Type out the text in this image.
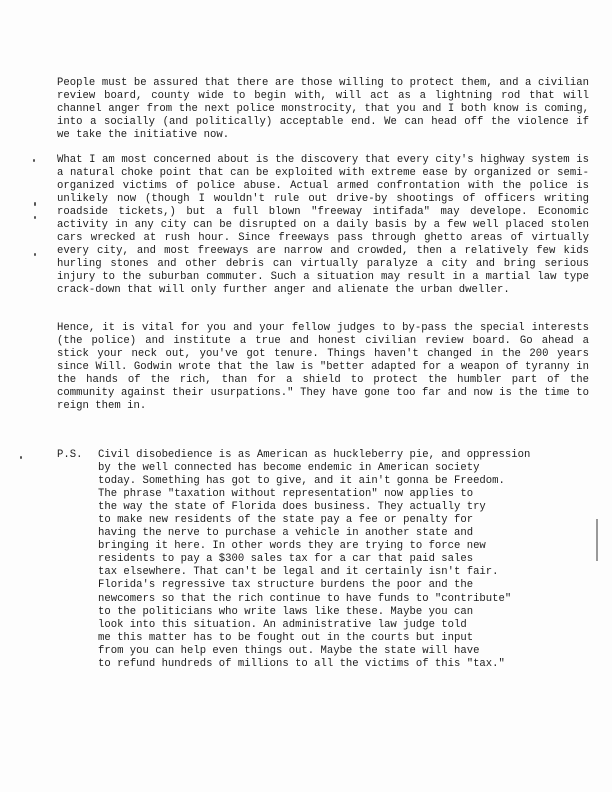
People must be assured that there are those willing to protect them, and a civilian review board, county wide to begin with, will act as a lightning rod that will channel anger from the next police monstrocity, that you and I both know is coming, into a socially (and politically) acceptable end. We can head off the violence if we take the initiative now.
What I am most concerned about is the discovery that every city's highway system is a natural choke point that can be exploited with extreme ease by organized or semi-organized victims of police abuse. Actual armed confrontation with the police is unlikely now (though I wouldn't rule out drive-by shootings of officers writing roadside tickets,) but a full blown "freeway intifada" may develope. Economic activity in any city can be disrupted on a daily basis by a few well placed stolen cars wrecked at rush hour. Since freeways pass through ghetto areas of virtually every city, and most freeways are narrow and crowded, then a relatively few kids hurling stones and other debris can virtually paralyze a city and bring serious injury to the suburban commuter. Such a situation may result in a martial law type crack-down that will only further anger and alienate the urban dweller.
Hence, it is vital for you and your fellow judges to by-pass the special interests (the police) and institute a true and honest civilian review board. Go ahead a stick your neck out, you've got tenure. Things haven't changed in the 200 years since Will. Godwin wrote that the law is "better adapted for a weapon of tyranny in the hands of the rich, than for a shield to protect the humbler part of the community against their usurpations." They have gone too far and now is the time to reign them in.
P.S. Civil disobedience is as American as huckleberry pie, and oppression
by the well connected has become endemic in American society
today. Something has got to give, and it ain't gonna be Freedom.
The phrase "taxation without representation" now applies to
the way the state of Florida does business. They actually try
to make new residents of the state pay a fee or penalty for
having the nerve to purchase a vehicle in another state and
bringing it here. In other words they are trying to force new
residents to pay a $300 sales tax for a car that paid sales
tax elsewhere. That can't be legal and it certainly isn't fair.
Florida's regressive tax structure burdens the poor and the
newcomers so that the rich continue to have funds to "contribute"
to the politicians who write laws like these. Maybe you can
look into this situation. An administrative law judge told
me this matter has to be fought out in the courts but input
from you can help even things out. Maybe the state will have
to refund hundreds of millions to all the victims of this "tax."
